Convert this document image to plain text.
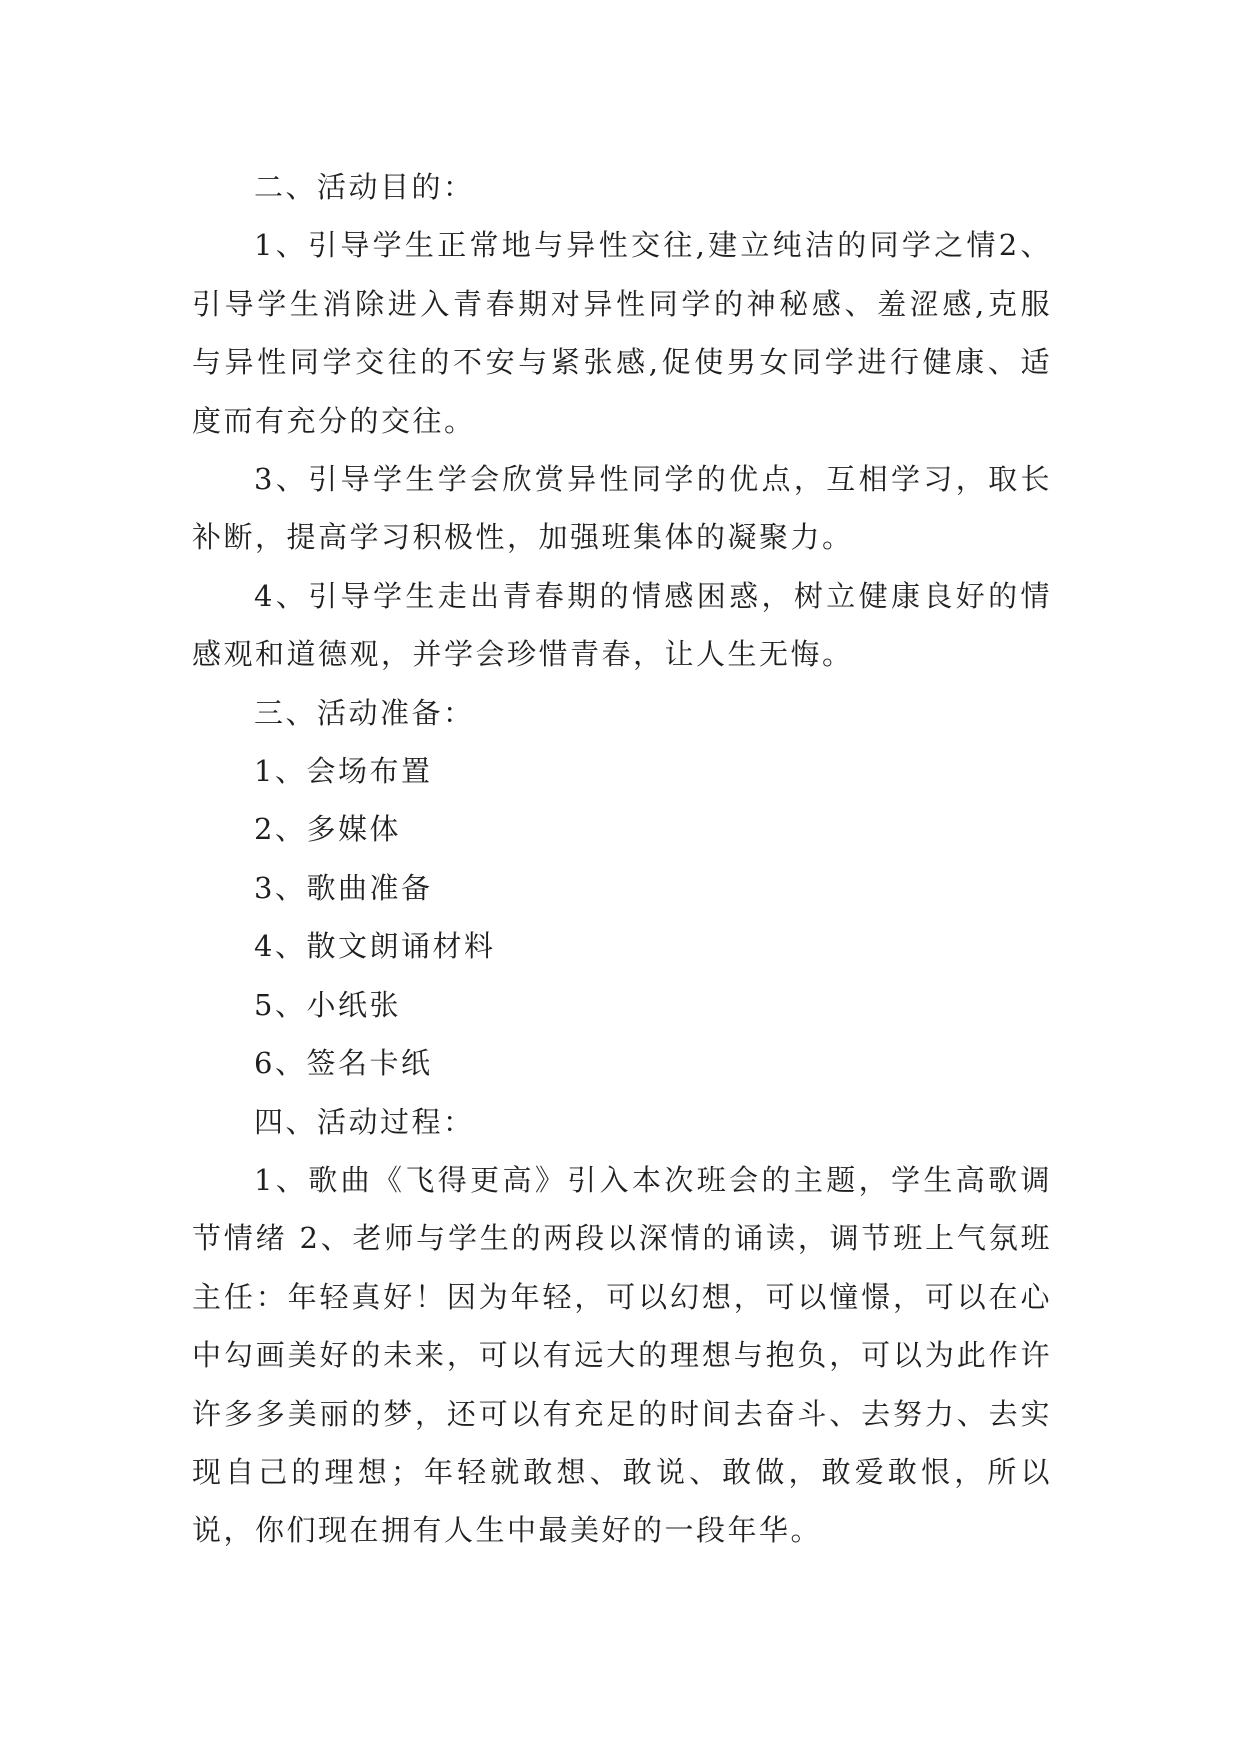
二、活动目的：

1、引导学生正常地与异性交往,建立纯洁的同学之情2、引导学生消除进入青春期对异性同学的神秘感、羞涩感,克服与异性同学交往的不安与紧张感,促使男女同学进行健康、适度而有充分的交往。

3、引导学生学会欣赏异性同学的优点，互相学习，取长补断，提高学习积极性，加强班集体的凝聚力。

4、引导学生走出青春期的情感困惑，树立健康良好的情感观和道德观，并学会珍惜青春，让人生无悔。

三、活动准备：

1、会场布置

2、多媒体

3、歌曲准备

4、散文朗诵材料

5、小纸张

6、签名卡纸

四、活动过程：

1、歌曲《飞得更高》引入本次班会的主题，学生高歌调节情绪 2、老师与学生的两段以深情的诵读，调节班上气氛班主任：年轻真好！因为年轻，可以幻想，可以憧憬，可以在心中勾画美好的未来，可以有远大的理想与抱负，可以为此作许许多多美丽的梦，还可以有充足的时间去奋斗、去努力、去实现自己的理想；年轻就敢想、敢说、敢做，敢爱敢恨，所以说，你们现在拥有人生中最美好的一段年华。
